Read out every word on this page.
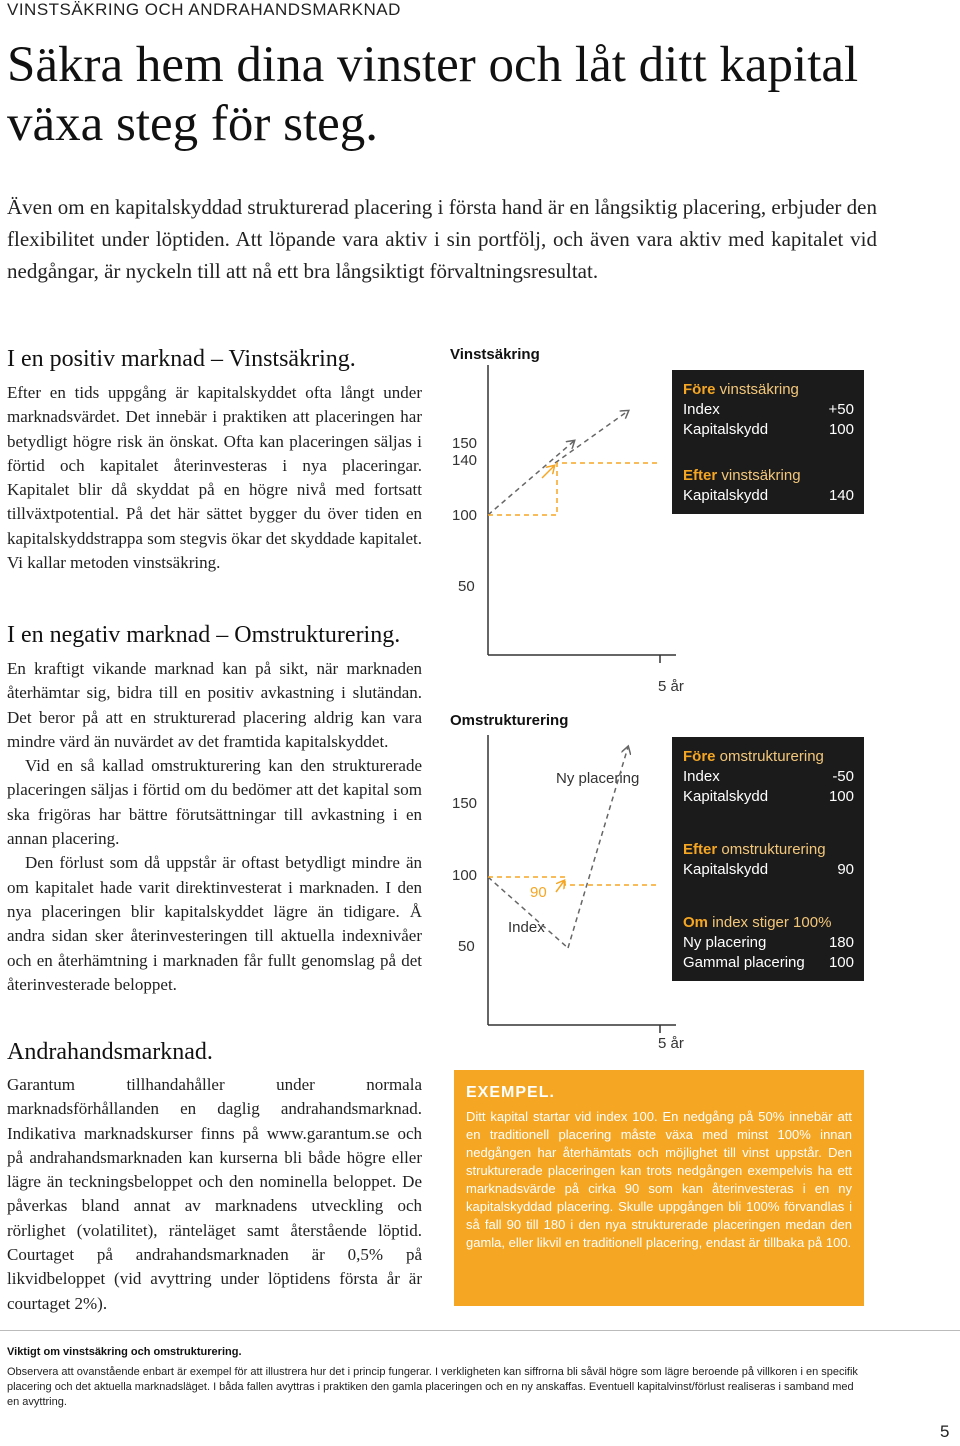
VINSTSÄKRING OCH ANDRAHANDSMARKNAD
Säkra hem dina vinster och låt ditt kapital växa steg för steg.
Även om en kapitalskyddad strukturerad placering i första hand är en långsiktig placering, erbjuder den flexibilitet under löptiden. Att löpande vara aktiv i sin portfölj, och även vara aktiv med kapitalet vid nedgångar, är nyckeln till att nå ett bra långsiktigt förvaltningsresultat.
I en positiv marknad – Vinstsäkring.

Efter en tids uppgång är kapitalskyddet ofta långt under marknadsvärdet. Det innebär i praktiken att placeringen har betydligt högre risk än önskat. Ofta kan placeringen säljas i förtid och kapitalet återinvesteras i nya placeringar. Kapitalet blir då skyddat på en högre nivå med fortsatt tillväxtpotential. På det här sättet bygger du över tiden en kapitalskyddstrappa som stegvis ökar det skyddade kapitalet. Vi kallar metoden vinstsäkring.

I en negativ marknad – Omstrukturering.

En kraftigt vikande marknad kan på sikt, när marknaden återhämtar sig, bidra till en positiv avkastning i slutändan. Det beror på att en strukturerad placering aldrig kan vara mindre värd än nuvärdet av det framtida kapitalskyddet.

Vid en så kallad omstrukturering kan den strukturerade placeringen säljas i förtid om du bedömer att det kapital som ska frigöras har bättre förutsättningar till avkastning i en annan placering.

Den förlust som då uppstår är oftast betydligt mindre än om kapitalet hade varit direktinvesterat i marknaden. I den nya placeringen blir kapitalskyddet lägre än tidigare. Å andra sidan sker återinvesteringen till aktuella indexnivåer och en återhämtning i marknaden får fullt genomslag på det återinvesterade beloppet.

Andrahandsmarknad.

Garantum tillhandahåller under normala marknadsförhållanden en daglig andrahandsmarknad. Indikativa marknadskurser finns på www.garantum.se och på andrahandsmarknaden kan kurserna bli både högre eller lägre än teckningsbeloppet och den nominella beloppet. De påverkas bland annat av marknadens utveckling och rörlighet (volatilitet), ränteläget samt återstående löptid. Courtaget på andrahandsmarknaden är 0,5% på likvidbeloppet (vid avyttring under löptidens första år är courtaget 2%).

Vinstsäkring
150
140
100
50
5 år
Före vinstsäkring
Index	+50
Kapitalskydd	100
Efter vinstsäkring
Kapitalskydd	140
Omstrukturering
150
100
50
5 år
Ny placering
90
Index
Före omstrukturering
Index	-50
Kapitalskydd	100
Efter omstrukturering
Kapitalskydd	90
Om index stiger 100%
Ny placering	180
Gammal placering 100
EXEMPEL.
Ditt kapital startar vid index 100. En nedgång på 50% innebär att en traditionell placering måste växa med minst 100% innan nedgången har återhämtats och möjlighet till vinst uppstår. Den strukturerade placeringen kan trots nedgången exempelvis ha ett marknadsvärde på cirka 90 som kan återinvesteras i en ny kapitalskyddad placering. Skulle uppgången bli 100% förvandlas i så fall 90 till 180 i den nya strukturerade placeringen medan den gamla, eller likvil en traditionell placering, endast är tillbaka på 100.
Viktigt om vinstsäkring och omstrukturering.
Observera att ovanstående enbart är exempel för att illustrera hur det i princip fungerar. I verkligheten kan siffrorna bli såväl högre som lägre beroende på villkoren i en specifik placering och det aktuella marknadsläget. I båda fallen avyttras i praktiken den gamla placeringen och en ny anskaffas. Eventuell kapitalvinst/förlust realiseras i samband med en avyttring.
5
